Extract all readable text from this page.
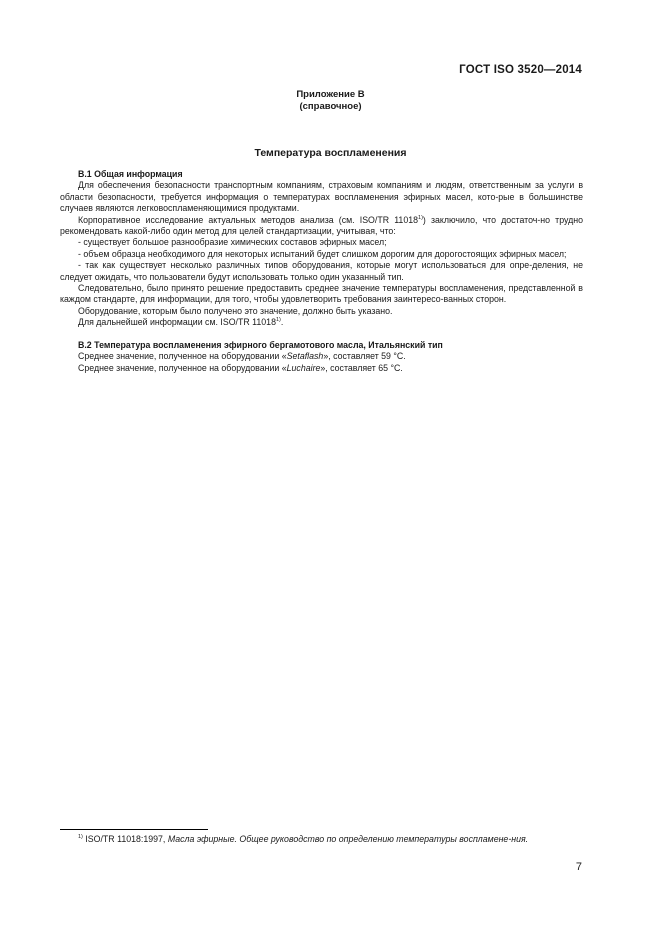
ГОСТ ISO 3520—2014
Приложение В
(справочное)
Температура воспламенения

В.1 Общая информация

Для обеспечения безопасности транспортным компаниям, страховым компаниям и людям, ответственным за услуги в области безопасности, требуется информация о температурах воспламенения эфирных масел, кото-рые в большинстве случаев являются легковоспламеняющимися продуктами.

Корпоративное исследование актуальных методов анализа (см. ISO/TR 11018$^{1)}$) заключило, что достаточ-но трудно рекомендовать какой-либо один метод для целей стандартизации, учитывая, что:

- существует большое разнообразие химических составов эфирных масел;

- объем образца необходимого для некоторых испытаний будет слишком дорогим для дорогостоящих эфирных масел;

- так как существует несколько различных типов оборудования, которые могут использоваться для опре-деления, не следует ожидать, что пользователи будут использовать только один указанный тип.

Следовательно, было принято решение предоставить среднее значение температуры воспламенения, представленной в каждом стандарте, для информации, для того, чтобы удовлетворить требования заинтересо-ванных сторон.

Оборудование, которым было получено это значение, должно быть указано.

Для дальнейшей информации см. ISO/TR 11018$^{1)}$.

В.2 Температура воспламенения эфирного бергамотового масла, Итальянский тип

Среднее значение, полученное на оборудовании «Setaflash», составляет 59 °C.

Среднее значение, полученное на оборудовании «Luchaire», составляет 65 °C.

$^{1)}$ ISO/TR 11018:1997, Масла эфирные. Общее руководство по определению температуры воспламене-ния.
7
